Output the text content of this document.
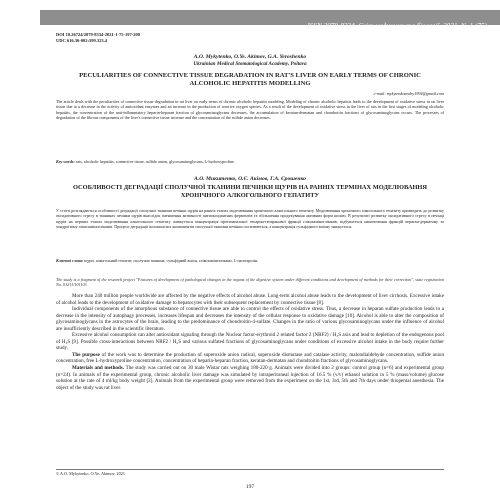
ISSN 2079-8334. Світ медицини та біології. 2021. № 1 (75)
DOI 10.26724/2079-8334-2021-1-75-197-200
UDC 616.36-002:599.323.4
A.O. Mykytenko, O.Ye. Akimov, G.A. Yeroshenko
Ukrainian Medical Stomatological Academy, Poltava
PECULIARITIES OF CONNECTIVE TISSUE DEGRADATION IN RAT'S LIVER ON EARLY TERMS OF CHRONIC ALCOHOLIC HEPATITIS MODELLING
e-mail: mykytenkoandry1994@gmail.com
The article deals with the peculiarities of connective tissue degradation in rat liver on early terms of chronic alcoholic hepatitis modeling. Modeling of chronic alcoholic hepatitis leads to the development of oxidative stress in rat liver tissue due to a decrease in the activity of antioxidant enzymes and an increase in the production of reactive oxygen species. As a result of the development of oxidative stress in the liver of rats in the first stages of modeling alcoholic hepatitis, the concentration of the anti-inflammatory heparin-heparan fraction of glycosaminoglycans decreases, the accumulation of keratan-dermatan and chondroitin fractions of glycosaminoglycans occurs. The processes of degradation of the fibrous components of the liver's connective tissue increase and the concentration of the sulfide anion decreases.
Key words: rats, alcoholic hepatitis, connective tissue, sulfide anion, glycosaminoglycans, L-hydroxyproline.
А.О. Микитенко, О.Є. Акімов, Г.А. Єрошенко
ОСОБЛИВОСТІ ДЕГРАДАЦІЇ СПОЛУЧНОЇ ТКАНИНИ ПЕЧІНКИ ЩУРІВ НА РАННІХ ТЕРМІНАХ МОДЕЛЮВАННЯ ХРОНІЧНОГО АЛКОГОЛЬНОГО ГЕПАТИТУ
У статті розглядаються особливості деградації сполучної тканини печінки щурів на ранніх етапах моделювання хронічного алкогольного гепатиту. Моделювання хронічного алкогольного гепатиту призводить до розвитку оксидативного стресу в тканинах печінки щурів внаслідок зменшення активності антиоксидантних ферментів та збільшення продукування активних форм кисню. В результаті розвитку оксидативного стресу в печінці щурів на перших етапах моделювання алкогольного гепатиту знижується концентрація протизапальної гепарин-гепаранової фракції глікозаміногліканів, відбувається накопичення фракцій кератан-дерматану та хондроїтину глікозаміногліканів. Процеси деградації волокнистих компонентів сполучної тканини печінки посилюються, а концентрація сульфідного аніону знижується.
Ключові слова: щури, алкогольний гепатит, сполучна тканина, сульфідний аніон, глікозаміноглікани, L-оксипролін.
The study is a fragment of the research project "Features of development of pathological changes in the organs of the digestive system under different conditions and development of methods for their correction", state registration No. 0121U101103.

More than 240 million people worldwide are affected by the negative effects of alcohol abuse. Long-term alcohol abuse leads to the development of liver cirrhosis. Excessive intake of alcohol leads to the development of oxidative damage to hepatocytes with their subsequent replacement by connective tissue [8].

Individual components of the amorphous substance of connective tissue are able to control the effects of oxidative stress. Thus, a decrease in heparan sulfate production leads to a decrease in the intensity of autophagy processes, increases lifespan and decreases the intensity of the cellular response to oxidative damage [10]. Alcohol is able to alter the composition of glycosaminoglycans in the astrocytes of the brain, leading to the predominance of chondroitin-4-sulfate. Changes in the ratio of various glycosaminoglycans under the influence of alcohol are insufficiently described in the scientific literature.

Excessive alcohol consumption can alter antioxidant signaling through the Nuclear factor-erythroid 2 related factor 2 (NRF2) / H₂S axis and lead to depletion of the endogenous pool of H₂S [9]. Possible cross-interactions between NRF2 / H₂S and various sulfated fractions of glycosaminoglycans under conditions of excessive alcohol intake in the body require further study.

The purpose of the work was to determine the production of superoxide anion radical, superoxide dismutase and catalase activity, malondialdehyde concentration, sulfide anion concentration, free L-hydroxyproline concentration, concentration of heparin-heparan fraction, keratan-dermatan and chondroitin fractions of glycosaminoglycans.

Materials and methods. The study was carried out on 30 male Wistar rats weighing 180-220 g. Animals were divided into 2 groups: control group (n=6) and experimental group (n=24). In animals of the experimental group, chronic alcoholic liver damage was simulated by intraperitoneal injection of 16.5 % (v/v) ethanol solution in 5 % (mass/volume) glucose solution at the rate of 4 ml/kg body weight [2]. Animals from the experimental group were removed from the experiment on the 1st, 3rd, 5th and 7th days under thiopental anesthesia. The object of the study was rat liver.

© A.O. Mykytenko, O.Ye. Akimov, 2021
197
